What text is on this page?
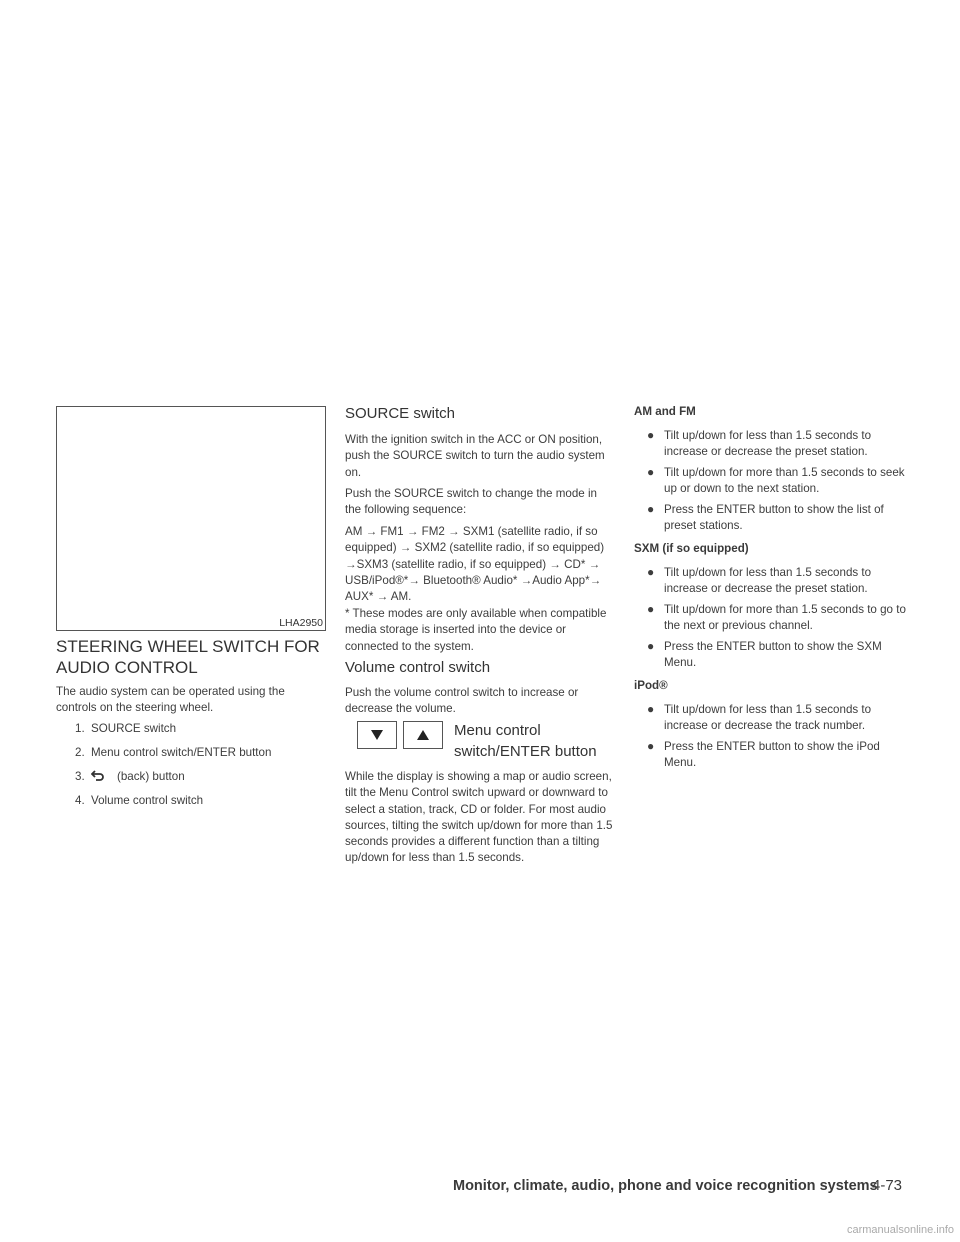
LHA2950
STEERING WHEEL SWITCH FOR
AUDIO CONTROL

The audio system can be operated using the controls on the steering wheel.

1. SOURCE switch
2. Menu control switch/ENTER button
3.	(back) button
4. Volume control switch
SOURCE switch

With the ignition switch in the ACC or ON position, push the SOURCE switch to turn the audio system on.

Push the SOURCE switch to change the mode in the following sequence:

AM → FM1 → FM2 → SXM1 (satellite radio, if so equipped) → SXM2 (satellite radio, if so equipped) →SXM3 (satellite radio, if so equipped) → CD* → USB/iPod®*→ Bluetooth® Audio* →Audio App*→ AUX* → AM.

* These modes are only available when compatible media storage is inserted into the device or connected to the system.

Volume control switch

Push the volume control switch to increase or decrease the volume.

Menu control
switch/ENTER button

While the display is showing a map or audio screen, tilt the Menu Control switch upward or downward to select a station, track, CD or folder. For most audio sources, tilting the switch up/down for more than 1.5 seconds provides a different function than a tilting up/down for less than 1.5 seconds.

AM and FM
● Tilt up/down for less than 1.5 seconds to increase or decrease the preset station.
● Tilt up/down for more than 1.5 seconds to seek up or down to the next station.
● Press the ENTER button to show the list of preset stations.
SXM (if so equipped)
● Tilt up/down for less than 1.5 seconds to increase or decrease the preset station.
● Tilt up/down for more than 1.5 seconds to go to the next or previous channel.
● Press the ENTER button to show the SXM Menu.
iPod®
● Tilt up/down for less than 1.5 seconds to increase or decrease the track number.
● Press the ENTER button to show the iPod Menu.
Monitor, climate, audio, phone and voice recognition systems
4-73
carmanualsonline.info
